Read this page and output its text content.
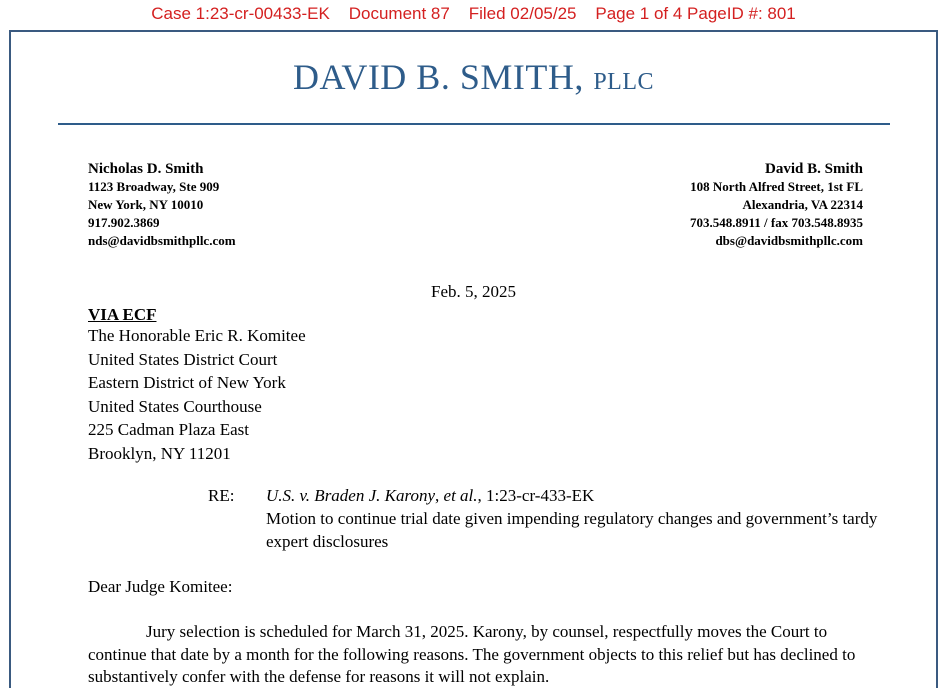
Case 1:23-cr-00433-EK    Document 87    Filed 02/05/25    Page 1 of 4 PageID #: 801
DAVID B. SMITH, PLLC
Nicholas D. Smith
1123 Broadway, Ste 909
New York, NY 10010
917.902.3869
nds@davidbsmithpllc.com
David B. Smith
108 North Alfred Street, 1st FL
Alexandria, VA 22314
703.548.8911 / fax 703.548.8935
dbs@davidbsmithpllc.com
Feb. 5, 2025
VIA ECF
The Honorable Eric R. Komitee
United States District Court
Eastern District of New York
United States Courthouse
225 Cadman Plaza East
Brooklyn, NY 11201
RE: U.S. v. Braden J. Karony, et al., 1:23-cr-433-EK
Motion to continue trial date given impending regulatory changes and government’s tardy expert disclosures
Dear Judge Komitee:
Jury selection is scheduled for March 31, 2025. Karony, by counsel, respectfully moves the Court to continue that date by a month for the following reasons. The government objects to this relief but has declined to substantively confer with the defense for reasons it will not explain.
